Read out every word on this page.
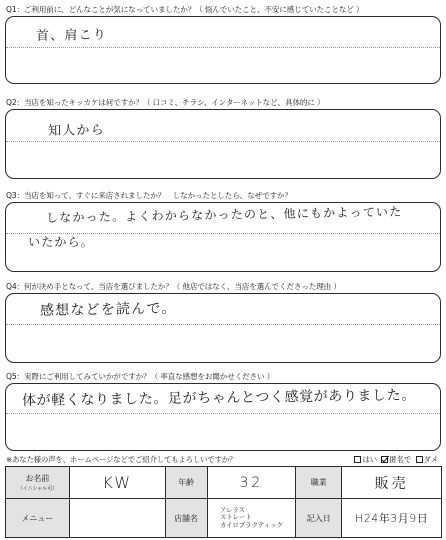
Q1：ご利用前に、どんなことが気になっていましたか？（ 悩んでいたこと、不安に感じていたことなど ）
首、肩こり
Q2：当店を知ったキッカケは何ですか？（ 口コミ、チラシ、インターネットなど、具体的に ）
知人から
Q3：当店を知って、すぐに来店されましたか？　しなかったとしたら、なぜですか？
しなかった。よくわからなかったのと、他にもかよっていた
いたから。
Q4：何が決め手となって、当店を選びましたか？（ 他店ではなく、当店を選んでくださった理由 ）
感想などを読んで。
Q5：実際にご利用してみていかがですか？（ 率直な感想をお聞かせください ）
体が軽くなりました。足がちゃんとつく感覚がありました。
※あなた様の声を、ホームページなどでご紹介してもよろしいですか？	はい 匿名で ダメ
お名前
（イニシャル可）	KW	年齢	32	職業	販売
メニュー		店舗名	アレラス
ストレート
カイロプラクティック	記入日	H24年3月9日
